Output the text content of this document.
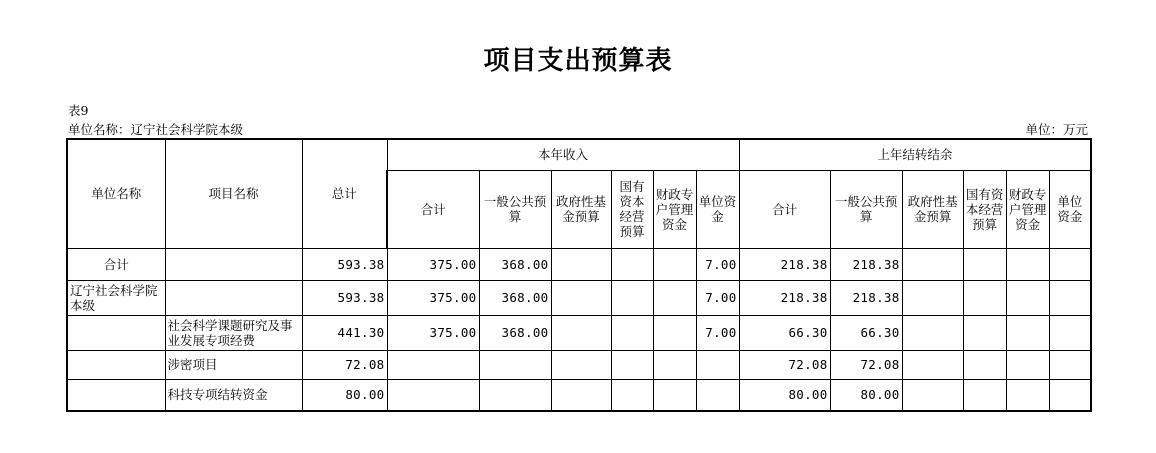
项目支出预算表
表9
单位名称：辽宁社会科学院本级	单位：万元
单位名称	项目名称	总计	本年收入						上年结转结余					
			合计	一般公共预算	政府性基金预算	国有资本经营预算	财政专户管理资金	单位资金	合计	一般公共预算	政府性基金预算	国有资本经营预算	财政专户管理资金	单位资金
合计		593.38	375.00	368.00				7.00	218.38	218.38				
辽宁社会科学院本级		593.38	375.00	368.00				7.00	218.38	218.38				
	社会科学课题研究及事业发展专项经费	441.30	375.00	368.00				7.00	66.30	66.30				
	涉密项目	72.08							72.08	72.08				
	科技专项结转资金	80.00							80.00	80.00				
